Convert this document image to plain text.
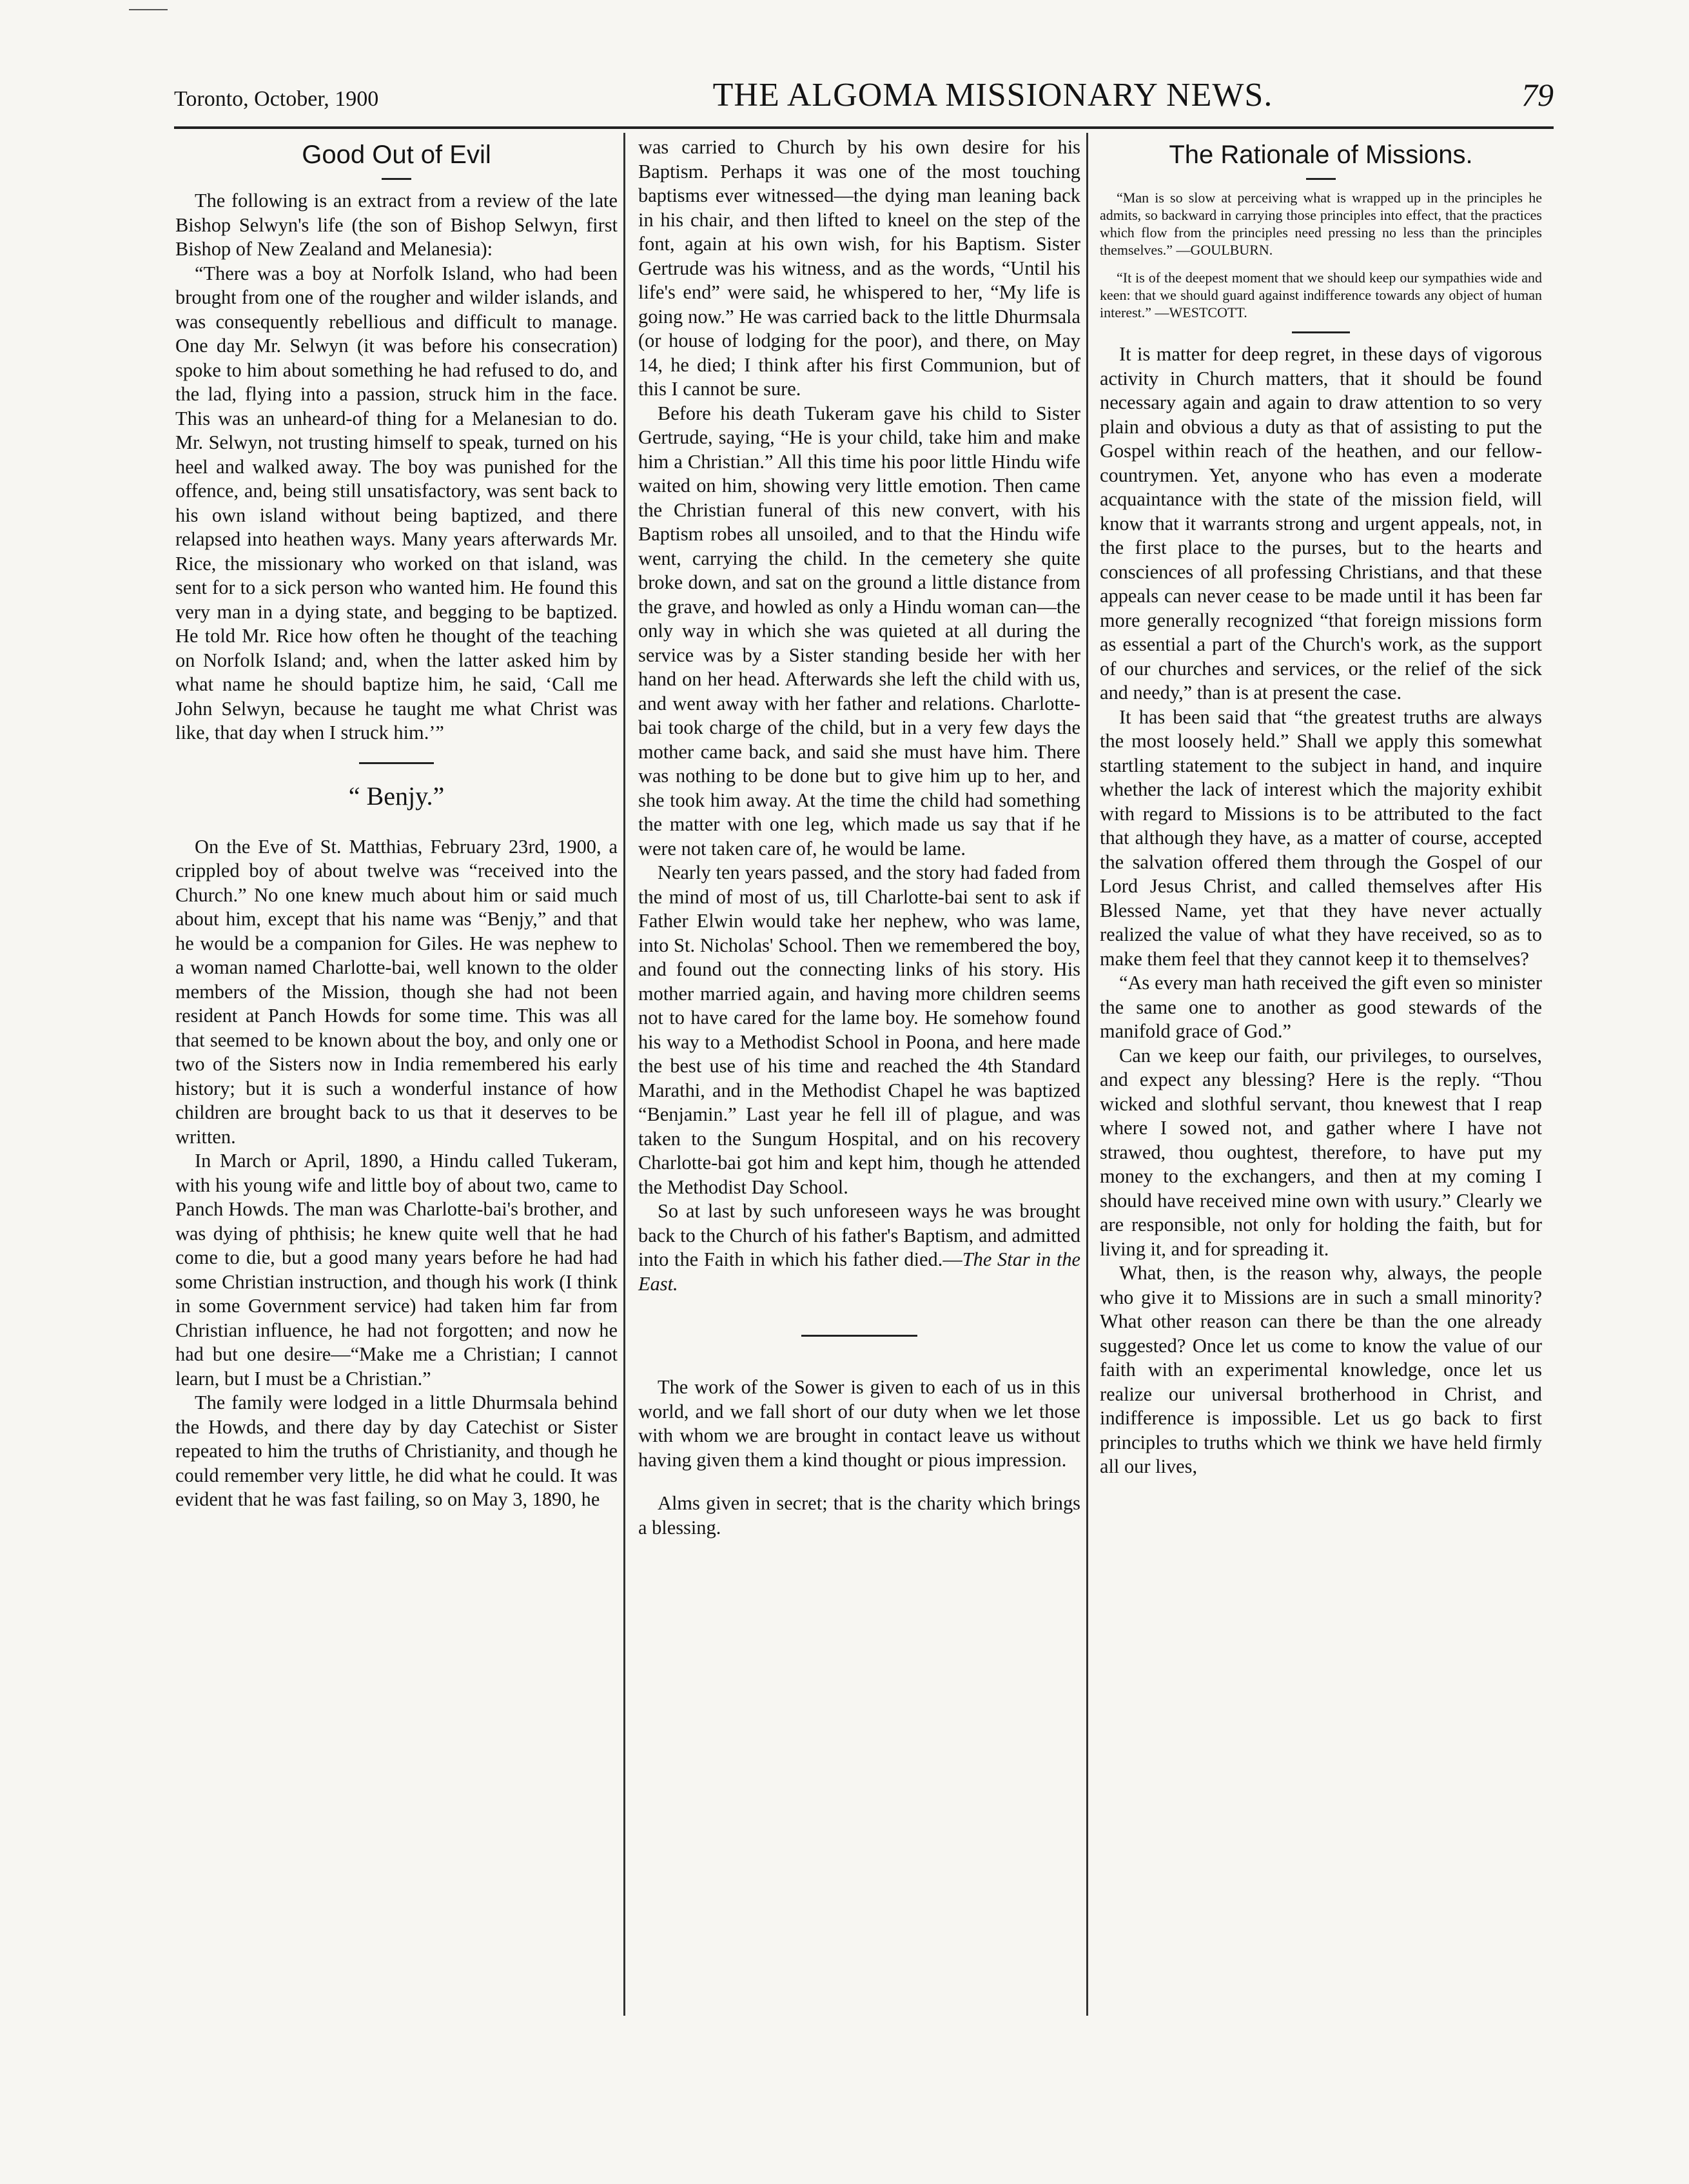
Toronto, October, 1900	THE ALGOMA MISSIONARY NEWS.	79
Good Out of Evil

The following is an extract from a review of the late Bishop Selwyn's life (the son of Bishop Selwyn, first Bishop of New Zealand and Melanesia):

“There was a boy at Norfolk Island, who had been brought from one of the rougher and wilder islands, and was consequently rebellious and difficult to manage. One day Mr. Selwyn (it was before his consecration) spoke to him about something he had refused to do, and the lad, flying into a passion, struck him in the face. This was an unheard-of thing for a Melanesian to do. Mr. Selwyn, not trusting himself to speak, turned on his heel and walked away. The boy was punished for the offence, and, being still unsatisfactory, was sent back to his own island without being baptized, and there relapsed into heathen ways. Many years afterwards Mr. Rice, the missionary who worked on that island, was sent for to a sick person who wanted him. He found this very man in a dying state, and begging to be baptized. He told Mr. Rice how often he thought of the teaching on Norfolk Island; and, when the latter asked him by what name he should baptize him, he said, ‘Call me John Selwyn, because he taught me what Christ was like, that day when I struck him.’”

“ Benjy.”

On the Eve of St. Matthias, February 23rd, 1900, a crippled boy of about twelve was “received into the Church.” No one knew much about him or said much about him, except that his name was “Benjy,” and that he would be a companion for Giles. He was nephew to a woman named Charlotte-bai, well known to the older members of the Mission, though she had not been resident at Panch Howds for some time. This was all that seemed to be known about the boy, and only one or two of the Sisters now in India remembered his early history; but it is such a wonderful instance of how children are brought back to us that it deserves to be written.

In March or April, 1890, a Hindu called Tukeram, with his young wife and little boy of about two, came to Panch Howds. The man was Charlotte-bai's brother, and was dying of phthisis; he knew quite well that he had come to die, but a good many years before he had had some Christian instruction, and though his work (I think in some Government service) had taken him far from Christian influence, he had not forgotten; and now he had but one desire—“Make me a Christian; I cannot learn, but I must be a Christian.”

The family were lodged in a little Dhurmsala behind the Howds, and there day by day Catechist or Sister repeated to him the truths of Christianity, and though he could remember very little, he did what he could. It was evident that he was fast failing, so on May 3, 1890, he

was carried to Church by his own desire for his Baptism. Perhaps it was one of the most touching baptisms ever witnessed—the dying man leaning back in his chair, and then lifted to kneel on the step of the font, again at his own wish, for his Baptism. Sister Gertrude was his witness, and as the words, “Until his life's end” were said, he whispered to her, “My life is going now.” He was carried back to the little Dhurmsala (or house of lodging for the poor), and there, on May 14, he died; I think after his first Communion, but of this I cannot be sure.

Before his death Tukeram gave his child to Sister Gertrude, saying, “He is your child, take him and make him a Christian.” All this time his poor little Hindu wife waited on him, showing very little emotion. Then came the Christian funeral of this new convert, with his Baptism robes all unsoiled, and to that the Hindu wife went, carrying the child. In the cemetery she quite broke down, and sat on the ground a little distance from the grave, and howled as only a Hindu woman can—the only way in which she was quieted at all during the service was by a Sister standing beside her with her hand on her head. Afterwards she left the child with us, and went away with her father and relations. Charlotte-bai took charge of the child, but in a very few days the mother came back, and said she must have him. There was nothing to be done but to give him up to her, and she took him away. At the time the child had something the matter with one leg, which made us say that if he were not taken care of, he would be lame.

Nearly ten years passed, and the story had faded from the mind of most of us, till Charlotte-bai sent to ask if Father Elwin would take her nephew, who was lame, into St. Nicholas' School. Then we remembered the boy, and found out the connecting links of his story. His mother married again, and having more children seems not to have cared for the lame boy. He somehow found his way to a Methodist School in Poona, and here made the best use of his time and reached the 4th Standard Marathi, and in the Methodist Chapel he was baptized “Benjamin.” Last year he fell ill of plague, and was taken to the Sungum Hospital, and on his recovery Charlotte-bai got him and kept him, though he attended the Methodist Day School.

So at last by such unforeseen ways he was brought back to the Church of his father's Baptism, and admitted into the Faith in which his father died.—The Star in the East.

The work of the Sower is given to each of us in this world, and we fall short of our duty when we let those with whom we are brought in contact leave us without having given them a kind thought or pious impression.

Alms given in secret; that is the charity which brings a blessing.

The Rationale of Missions.

“Man is so slow at perceiving what is wrapped up in the principles he admits, so backward in carrying those principles into effect, that the practices which flow from the principles need pressing no less than the principles themselves.” —GOULBURN.

“It is of the deepest moment that we should keep our sympathies wide and keen: that we should guard against indifference towards any object of human interest.” —WESTCOTT.

It is matter for deep regret, in these days of vigorous activity in Church matters, that it should be found necessary again and again to draw attention to so very plain and obvious a duty as that of assisting to put the Gospel within reach of the heathen, and our fellow-countrymen. Yet, anyone who has even a moderate acquaintance with the state of the mission field, will know that it warrants strong and urgent appeals, not, in the first place to the purses, but to the hearts and consciences of all professing Christians, and that these appeals can never cease to be made until it has been far more generally recognized “that foreign missions form as essential a part of the Church's work, as the support of our churches and services, or the relief of the sick and needy,” than is at present the case.

It has been said that “the greatest truths are always the most loosely held.” Shall we apply this somewhat startling statement to the subject in hand, and inquire whether the lack of interest which the majority exhibit with regard to Missions is to be attributed to the fact that although they have, as a matter of course, accepted the salvation offered them through the Gospel of our Lord Jesus Christ, and called themselves after His Blessed Name, yet that they have never actually realized the value of what they have received, so as to make them feel that they cannot keep it to themselves?

“As every man hath received the gift even so minister the same one to another as good stewards of the manifold grace of God.”

Can we keep our faith, our privileges, to ourselves, and expect any blessing? Here is the reply. “Thou wicked and slothful servant, thou knewest that I reap where I sowed not, and gather where I have not strawed, thou oughtest, therefore, to have put my money to the exchangers, and then at my coming I should have received mine own with usury.” Clearly we are responsible, not only for holding the faith, but for living it, and for spreading it.

What, then, is the reason why, always, the people who give it to Missions are in such a small minority? What other reason can there be than the one already suggested? Once let us come to know the value of our faith with an experimental knowledge, once let us realize our universal brotherhood in Christ, and indifference is impossible. Let us go back to first principles to truths which we think we have held firmly all our lives,
